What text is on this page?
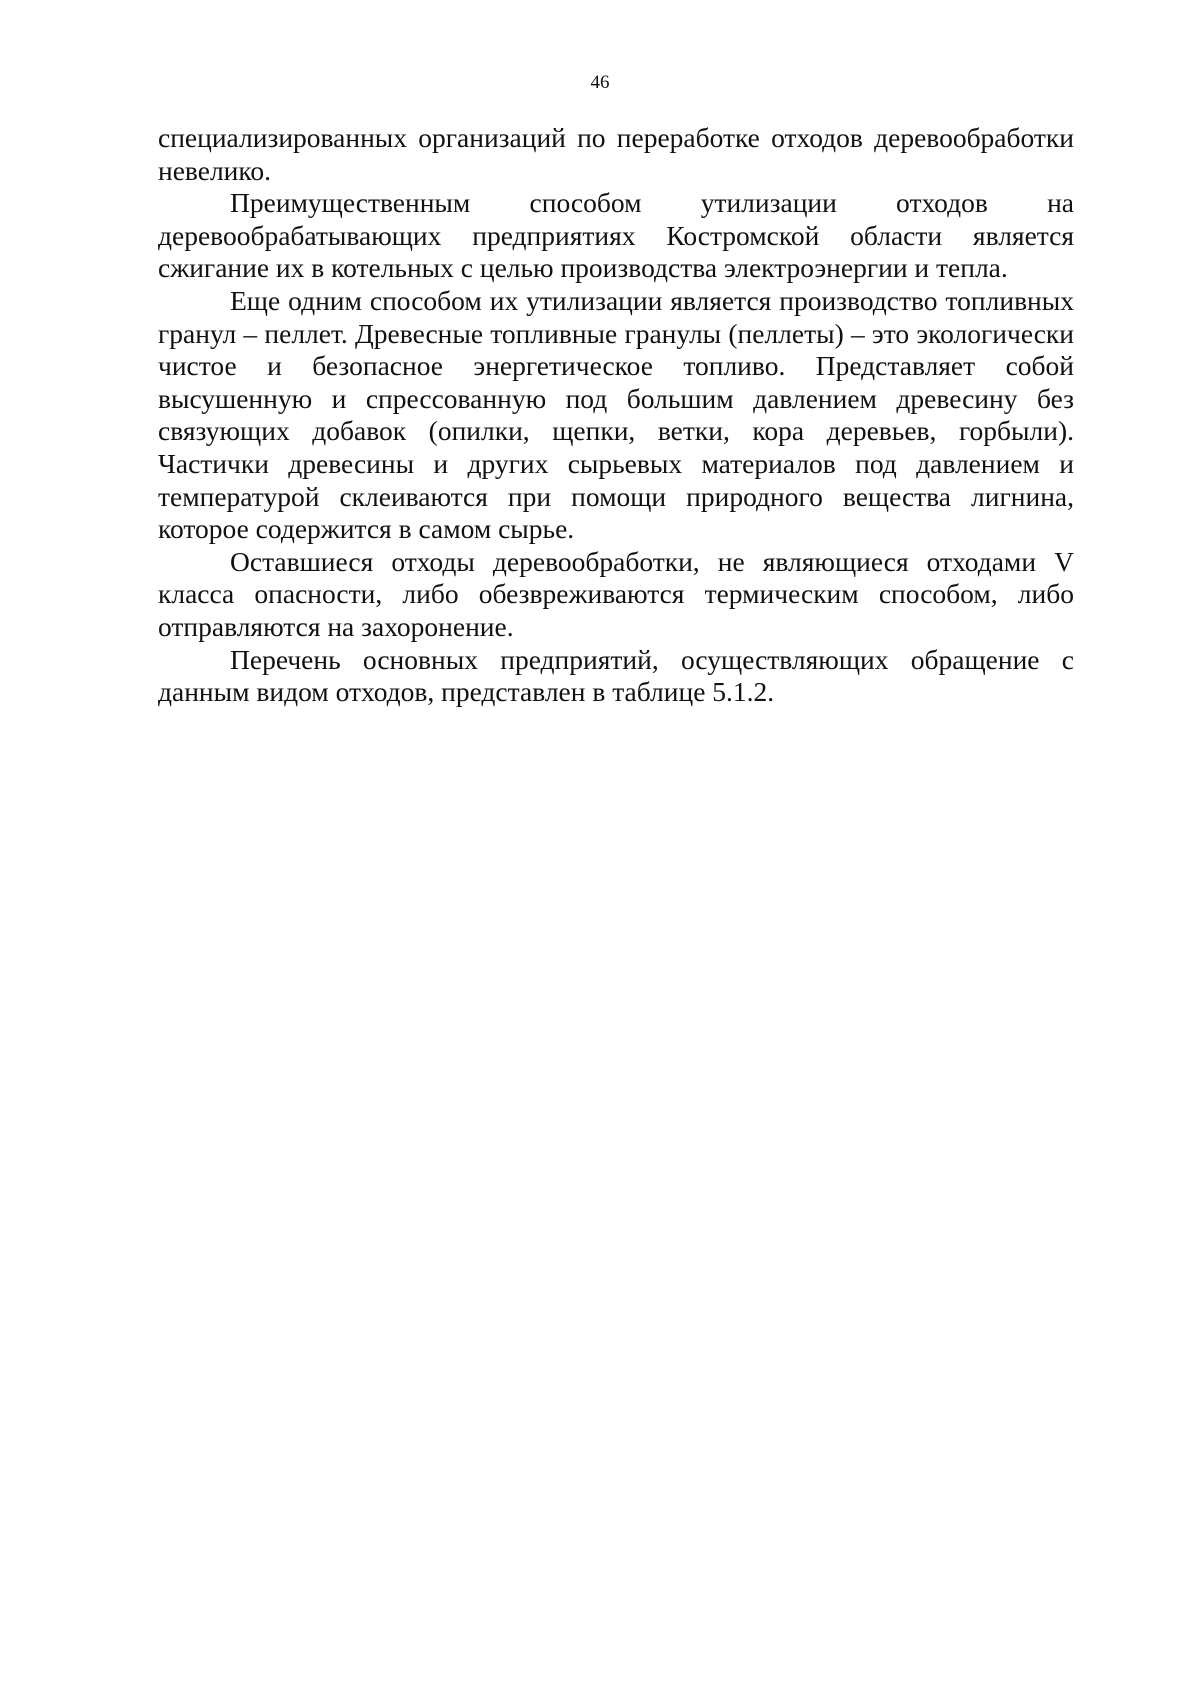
46

специализированных организаций по переработке отходов деревообработки невелико.

Преимущественным способом утилизации отходов на деревообрабатывающих предприятиях Костромской области является сжигание их в котельных с целью производства электроэнергии и тепла.

Еще одним способом их утилизации является производство топливных гранул – пеллет. Древесные топливные гранулы (пеллеты) – это экологически чистое и безопасное энергетическое топливо. Представляет собой высушенную и спрессованную под большим давлением древесину без связующих добавок (опилки, щепки, ветки, кора деревьев, горбыли). Частички древесины и других сырьевых материалов под давлением и температурой склеиваются при помощи природного вещества лигнина, которое содержится в самом сырье.

Оставшиеся отходы деревообработки, не являющиеся отходами V класса опасности, либо обезвреживаются термическим способом, либо отправляются на захоронение.

Перечень основных предприятий, осуществляющих обращение с данным видом отходов, представлен в таблице 5.1.2.
